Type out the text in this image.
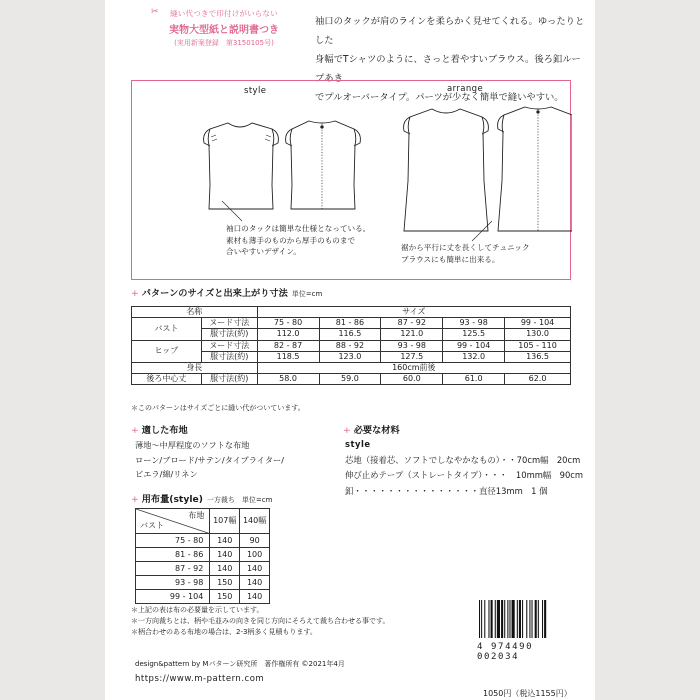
✂	縫い代つきで印付けがいらない
実物大型紙と説明書つき
(実用新案登録　第3150105号)
袖口のタックが肩のラインを柔らかく見せてくれる。ゆったりとした
身幅でTシャツのように、さっと着やすいブラウス。後ろ釦ループあき
でプルオーバータイプ。パーツが少なく簡単で縫いやすい。
style	arrange
袖口のタックは簡単な仕様となっている。
素材も薄手のものから厚手のものまで
合いやすいデザイン。	裾から平行に丈を長くしてチュニック
ブラウスにも簡単に出来る。
+ パターンのサイズと出来上がり寸法 単位=cm
名称		サイズ				
バスト	ヌード寸法	75 - 80	81 - 86	87 - 92	93 - 98	99 - 104
	服寸法(約)	112.0	116.5	121.0	125.5	130.0
ヒップ	ヌード寸法	82 - 87	88 - 92	93 - 98	99 - 104	105 - 110
	服寸法(約)	118.5	123.0	127.5	132.0	136.5
身長		160cm前後				
後ろ中心丈	服寸法(約)	58.0	59.0	60.0	61.0	62.0
＊このパターンはサイズごとに縫い代がついています。
+ 適した布地
薄地～中厚程度のソフトな布地
ローン/ブロード/サテン/タイプライター/
ビエラ/綿/リネン
+ 必要な材料
style
芯地（接着芯、ソフトでしなやかなもの）・・70cm幅　20cm
伸び止めテープ（ストレートタイプ）・・・　10mm幅　90cm
釦・・・・・・・・・・・・・・・直径13mm　1 個
+ 用布量(style) 一方裁ち　単位=cm
布地
バスト	107幅	140幅
75 - 80	140	90
81 - 86	140	100
87 - 92	140	140
93 - 98	150	140
99 - 104	150	140
＊上記の表は布の必要量を示しています。
＊一方向裁ちとは、柄や毛並みの向きを同じ方向にそろえて裁ち合わせる事です。
＊柄合わせのある布地の場合は、2-3柄多く見積もります。
4 974490 002034
design&pattern by Mパターン研究所　著作権所有 ©2021年4月
https://www.m-pattern.com
1050円（税込1155円）
